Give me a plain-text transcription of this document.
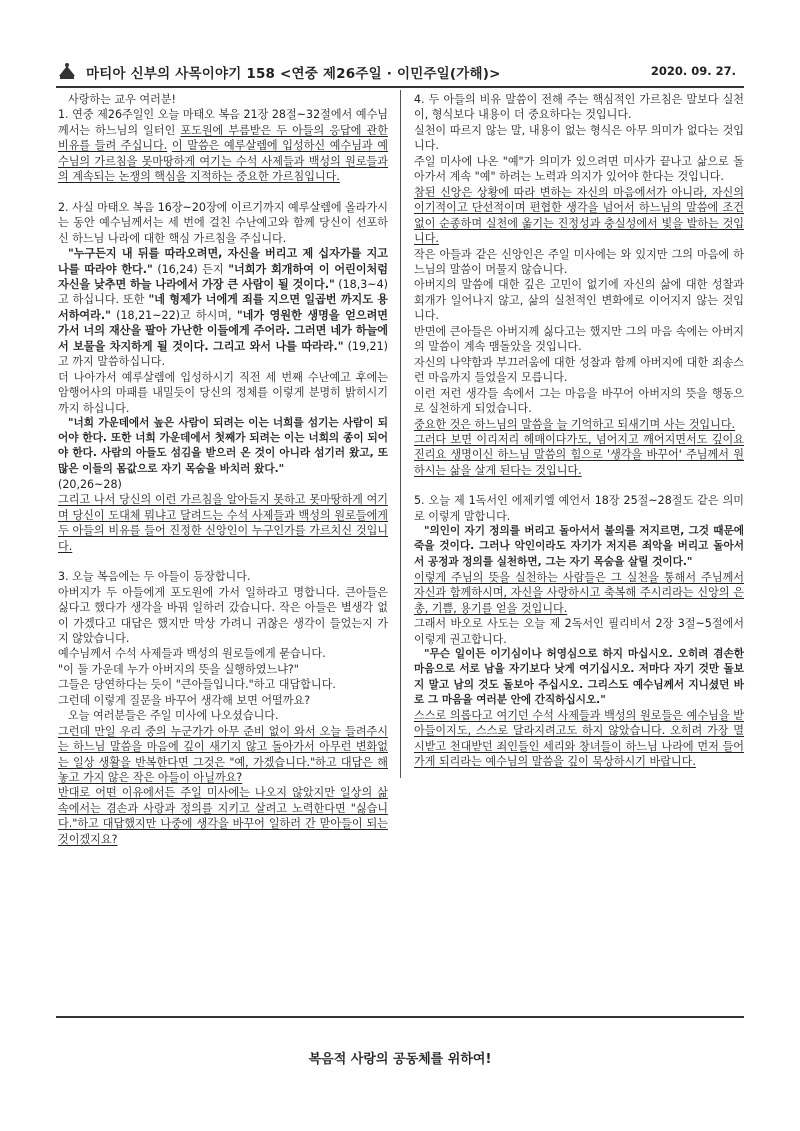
마티아 신부의 사목이야기 158 <연중 제26주일 · 이민주일(가해)>	2020. 09. 27.

사랑하는 교우 여러분!

1. 연중 제26주일인 오늘 마태오 복음 21장 28절~32절에서 예수님께서는 하느님의 일터인 포도원에 부름받은 두 아들의 응답에 관한 비유를 들려 주십니다. 이 말씀은 예루살렘에 입성하신 예수님과 예수님의 가르침을 못마땅하게 여기는 수석 사제들과 백성의 원로들과의 계속되는 논쟁의 핵심을 지적하는 중요한 가르침입니다.

2. 사실 마태오 복음 16장~20장에 이르기까지 예루살렘에 올라가시는 동안 예수님께서는 세 번에 걸친 수난예고와 함께 당신이 선포하신 하느님 나라에 대한 핵심 가르침을 주십니다.

"누구든지 내 뒤를 따라오려면, 자신을 버리고 제 십자가를 지고 나를 따라야 한다." (16,24) 든지 "너희가 회개하여 이 어린이처럼 자신을 낮추면 하늘 나라에서 가장 큰 사람이 될 것이다." (18,3~4)고 하십니다. 또한 "네 형제가 너에게 죄를 지으면 일곱번 까지도 용서하여라." (18,21~22)고 하시며, "네가 영원한 생명을 얻으려면 가서 너의 재산을 팔아 가난한 이들에게 주어라. 그러면 네가 하늘에서 보물을 차지하게 될 것이다. 그리고 와서 나를 따라라." (19,21)고 까지 말씀하십니다.

더 나아가서 예루살렘에 입성하시기 직전 세 번째 수난예고 후에는 암행어사의 마패를 내밀듯이 당신의 정체를 이렇게 분명히 밝히시기까지 하십니다.

"너희 가운데에서 높은 사람이 되려는 이는 너희를 섬기는 사람이 되어야 한다. 또한 너희 가운데에서 첫째가 되려는 이는 너희의 종이 되어야 한다. 사람의 아들도 섬김을 받으러 온 것이 아니라 섬기러 왔고, 또 많은 이들의 몸값으로 자기 목숨을 바치러 왔다."

(20,26~28)

그리고 나서 당신의 이런 가르침을 알아듣지 못하고 못마땅하게 여기며 당신이 도대체 뭐냐고 달려드는 수석 사제들과 백성의 원로들에게 두 아들의 비유를 들어 진정한 신앙인이 누구인가를 가르치신 것입니다.

3. 오늘 복음에는 두 아들이 등장합니다.

아버지가 두 아들에게 포도원에 가서 일하라고 명합니다. 큰아들은 싫다고 했다가 생각을 바꿔 일하러 갔습니다. 작은 아들은 별생각 없이 가겠다고 대답은 했지만 막상 가려니 귀찮은 생각이 들었는지 가지 않았습니다.

예수님께서 수석 사제들과 백성의 원로들에게 묻습니다.

"이 둘 가운데 누가 아버지의 뜻을 실행하였느냐?"

그들은 당연하다는 듯이 "큰아들입니다."하고 대답합니다.

그런데 이렇게 질문을 바꾸어 생각해 보면 어떨까요?

오늘 여러분들은 주일 미사에 나오셨습니다.

그런데 만일 우리 중의 누군가가 아무 준비 없이 와서 오늘 들려주시는 하느님 말씀을 마음에 깊이 새기지 않고 돌아가서 아무런 변화없는 일상 생활을 반복한다면 그것은 "예, 가겠습니다."하고 대답은 해놓고 가지 않은 작은 아들이 아닐까요?

반대로 어떤 이유에서든 주일 미사에는 나오지 않았지만 일상의 삶 속에서는 겸손과 사랑과 정의를 지키고 살려고 노력한다면 "싫습니다."하고 대답했지만 나중에 생각을 바꾸어 일하러 간 맏아들이 되는 것이겠지요?

4. 두 아들의 비유 말씀이 전해 주는 핵심적인 가르침은 말보다 실천이, 형식보다 내용이 더 중요하다는 것입니다.

실천이 따르지 않는 말, 내용이 없는 형식은 아무 의미가 없다는 것입니다.

주일 미사에 나온 "예"가 의미가 있으려면 미사가 끝나고 삶으로 돌아가서 계속 "예" 하려는 노력과 의지가 있어야 한다는 것입니다.

참된 신앙은 상황에 따라 변하는 자신의 마음에서가 아니라, 자신의 이기적이고 단선적이며 편협한 생각을 넘어서 하느님의 말씀에 조건 없이 순종하며 실천에 옮기는 진정성과 충실성에서 빛을 발하는 것입니다.

작은 아들과 같은 신앙인은 주일 미사에는 와 있지만 그의 마음에 하느님의 말씀이 머물지 않습니다.

아버지의 말씀에 대한 깊은 고민이 없기에 자신의 삶에 대한 성찰과 회개가 일어나지 않고, 삶의 실천적인 변화에로 이어지지 않는 것입니다.

반면에 큰아들은 아버지께 싫다고는 했지만 그의 마음 속에는 아버지의 말씀이 계속 맴돌았을 것입니다.

자신의 나약함과 부끄러움에 대한 성찰과 함께 아버지에 대한 죄송스런 마음까지 들었을지 모릅니다.

이런 저런 생각들 속에서 그는 마음을 바꾸어 아버지의 뜻을 행동으로 실천하게 되었습니다.

중요한 것은 하느님의 말씀을 늘 기억하고 되새기며 사는 것입니다.

그러다 보면 이리저리 헤매이다가도, 넘어지고 깨어지면서도 깊이요 진리요 생명이신 하느님 말씀의 힘으로 '생각을 바꾸어' 주님께서 원하시는 삶을 살게 된다는 것입니다.

5. 오늘 제 1독서인 에제키엘 예언서 18장 25절~28절도 같은 의미로 이렇게 말합니다.

"의인이 자기 정의를 버리고 돌아서서 불의를 저지르면, 그것 때문에 죽을 것이다. 그러나 악인이라도 자기가 저지른 죄악을 버리고 돌아서서 공정과 정의를 실천하면, 그는 자기 목숨을 살릴 것이다."

이렇게 주님의 뜻을 실천하는 사람들은 그 실천을 통해서 주님께서 자신과 함께하시며, 자신을 사랑하시고 축복해 주시리라는 신앙의 은총, 기쁨, 용기를 얻을 것입니다.

그래서 바오로 사도는 오늘 제 2독서인 필리비서 2장 3절~5절에서 이렇게 권고합니다.

"무슨 일이든 이기심이나 허영심으로 하지 마십시오. 오히려 겸손한 마음으로 서로 남을 자기보다 낫게 여기십시오. 저마다 자기 것만 돌보지 말고 남의 것도 돌보아 주십시오. 그리스도 예수님께서 지니셨던 바로 그 마음을 여러분 안에 간직하십시오."

스스로 의롭다고 여기던 수석 사제들과 백성의 원로들은 예수님을 받아들이지도, 스스로 달라지려고도 하지 않았습니다. 오히려 가장 멸시받고 천대받던 죄인들인 세리와 창녀들이 하느님 나라에 먼저 들어가게 되리라는 예수님의 말씀을 깊이 묵상하시기 바랍니다.

복음적 사랑의 공동체를 위하여!
